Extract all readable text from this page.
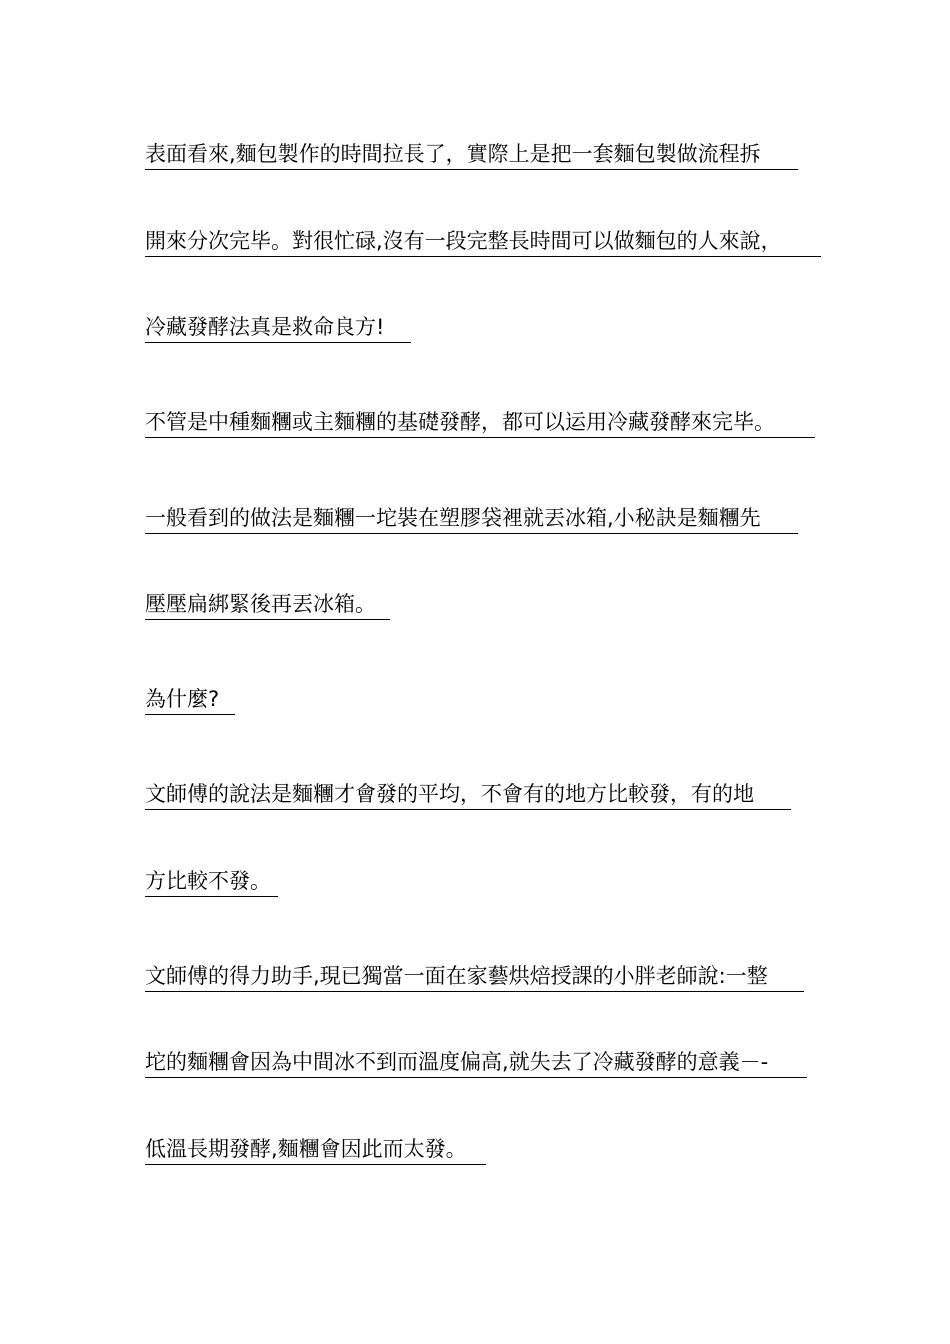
表面看來,麵包製作的時間拉長了，實際上是把一套麵包製做流程拆
開來分次完毕。對很忙碌,沒有一段完整長時間可以做麵包的人來說，
冷藏發酵法真是救命良方!
不管是中種麵糰或主麵糰的基礎發酵，都可以运用冷藏發酵來完毕。
一般看到的做法是麵糰一坨裝在塑膠袋裡就丟冰箱,小秘訣是麵糰先
壓壓扁綁緊後再丟冰箱。
為什麼?
文師傅的說法是麵糰才會發的平均，不會有的地方比較發，有的地
方比較不發。
文師傅的得力助手,現已獨當一面在家藝烘焙授課的小胖老師說:一整
坨的麵糰會因為中間冰不到而溫度偏高,就失去了冷藏發酵的意義－-
低溫長期發酵,麵糰會因此而太發。
